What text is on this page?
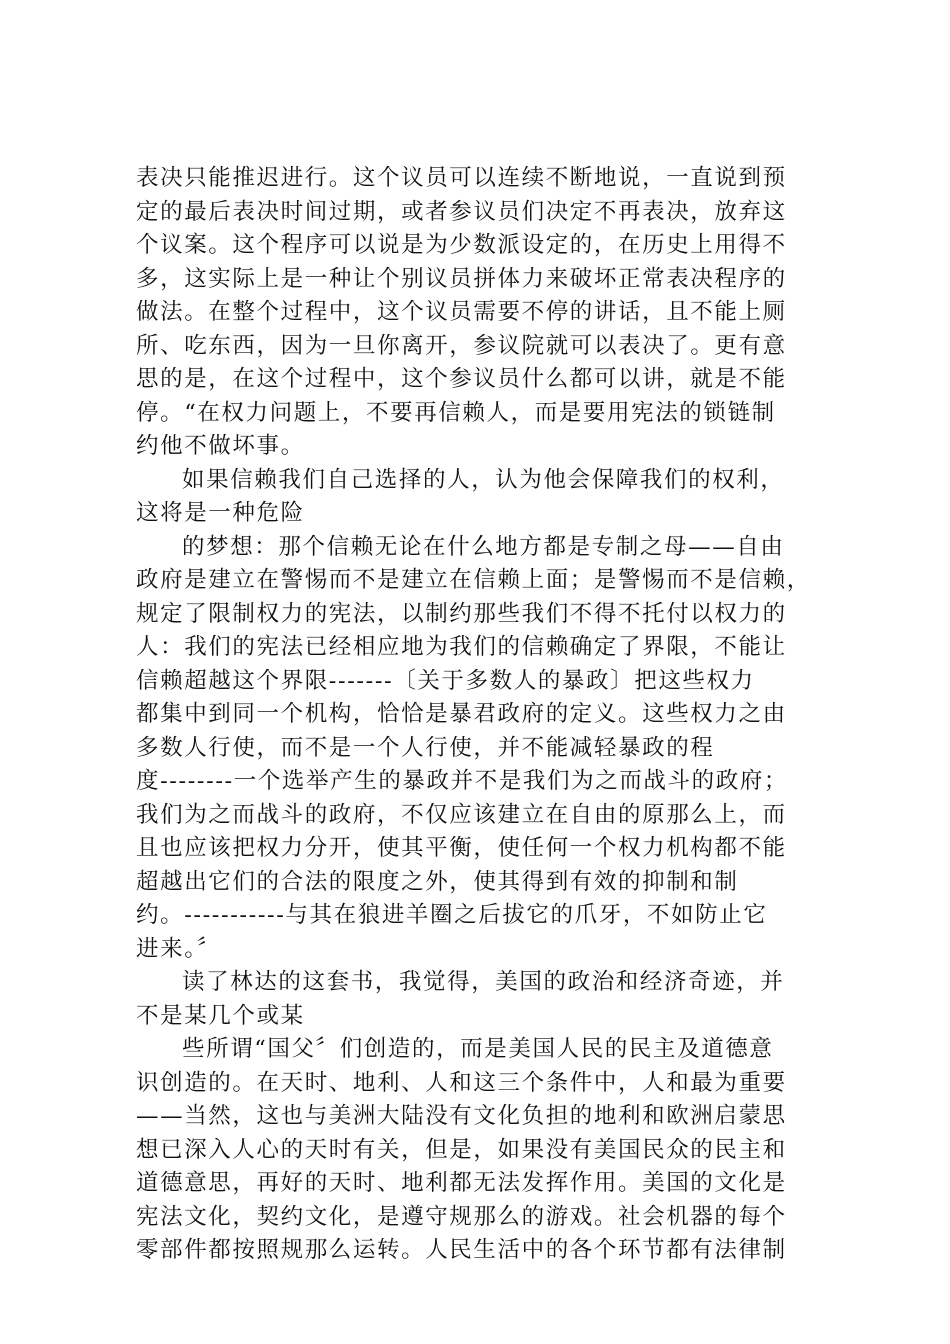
表决只能推迟进行。这个议员可以连续不断地说，一直说到预
定的最后表决时间过期，或者参议员们决定不再表决，放弃这
个议案。这个程序可以说是为少数派设定的，在历史上用得不
多，这实际上是一种让个别议员拼体力来破坏正常表决程序的
做法。在整个过程中，这个议员需要不停的讲话，且不能上厕
所、吃东西，因为一旦你离开，参议院就可以表决了。更有意
思的是，在这个过程中，这个参议员什么都可以讲，就是不能
停。“在权力问题上，不要再信赖人，而是要用宪法的锁链制
约他不做坏事。
如果信赖我们自己选择的人，认为他会保障我们的权利，
这将是一种危险
的梦想：那个信赖无论在什么地方都是专制之母——自由
政府是建立在警惕而不是建立在信赖上面；是警惕而不是信赖，
规定了限制权力的宪法，以制约那些我们不得不托付以权力的
人：我们的宪法已经相应地为我们的信赖确定了界限，不能让
信赖超越这个界限-------〔关于多数人的暴政〕把这些权力
都集中到同一个机构，恰恰是暴君政府的定义。这些权力之由
多数人行使，而不是一个人行使，并不能减轻暴政的程
度--------一个选举产生的暴政并不是我们为之而战斗的政府；
我们为之而战斗的政府，不仅应该建立在自由的原那么上，而
且也应该把权力分开，使其平衡，使任何一个权力机构都不能
超越出它们的合法的限度之外，使其得到有效的抑制和制
约。-----------与其在狼进羊圈之后拔它的爪牙，不如防止它
进来。〞
读了林达的这套书，我觉得，美国的政治和经济奇迹，并
不是某几个或某
些所谓“国父〞们创造的，而是美国人民的民主及道德意
识创造的。在天时、地利、人和这三个条件中，人和最为重要
——当然，这也与美洲大陆没有文化负担的地利和欧洲启蒙思
想已深入人心的天时有关，但是，如果没有美国民众的民主和
道德意思，再好的天时、地利都无法发挥作用。美国的文化是
宪法文化，契约文化，是遵守规那么的游戏。社会机器的每个
零部件都按照规那么运转。人民生活中的各个环节都有法律制
